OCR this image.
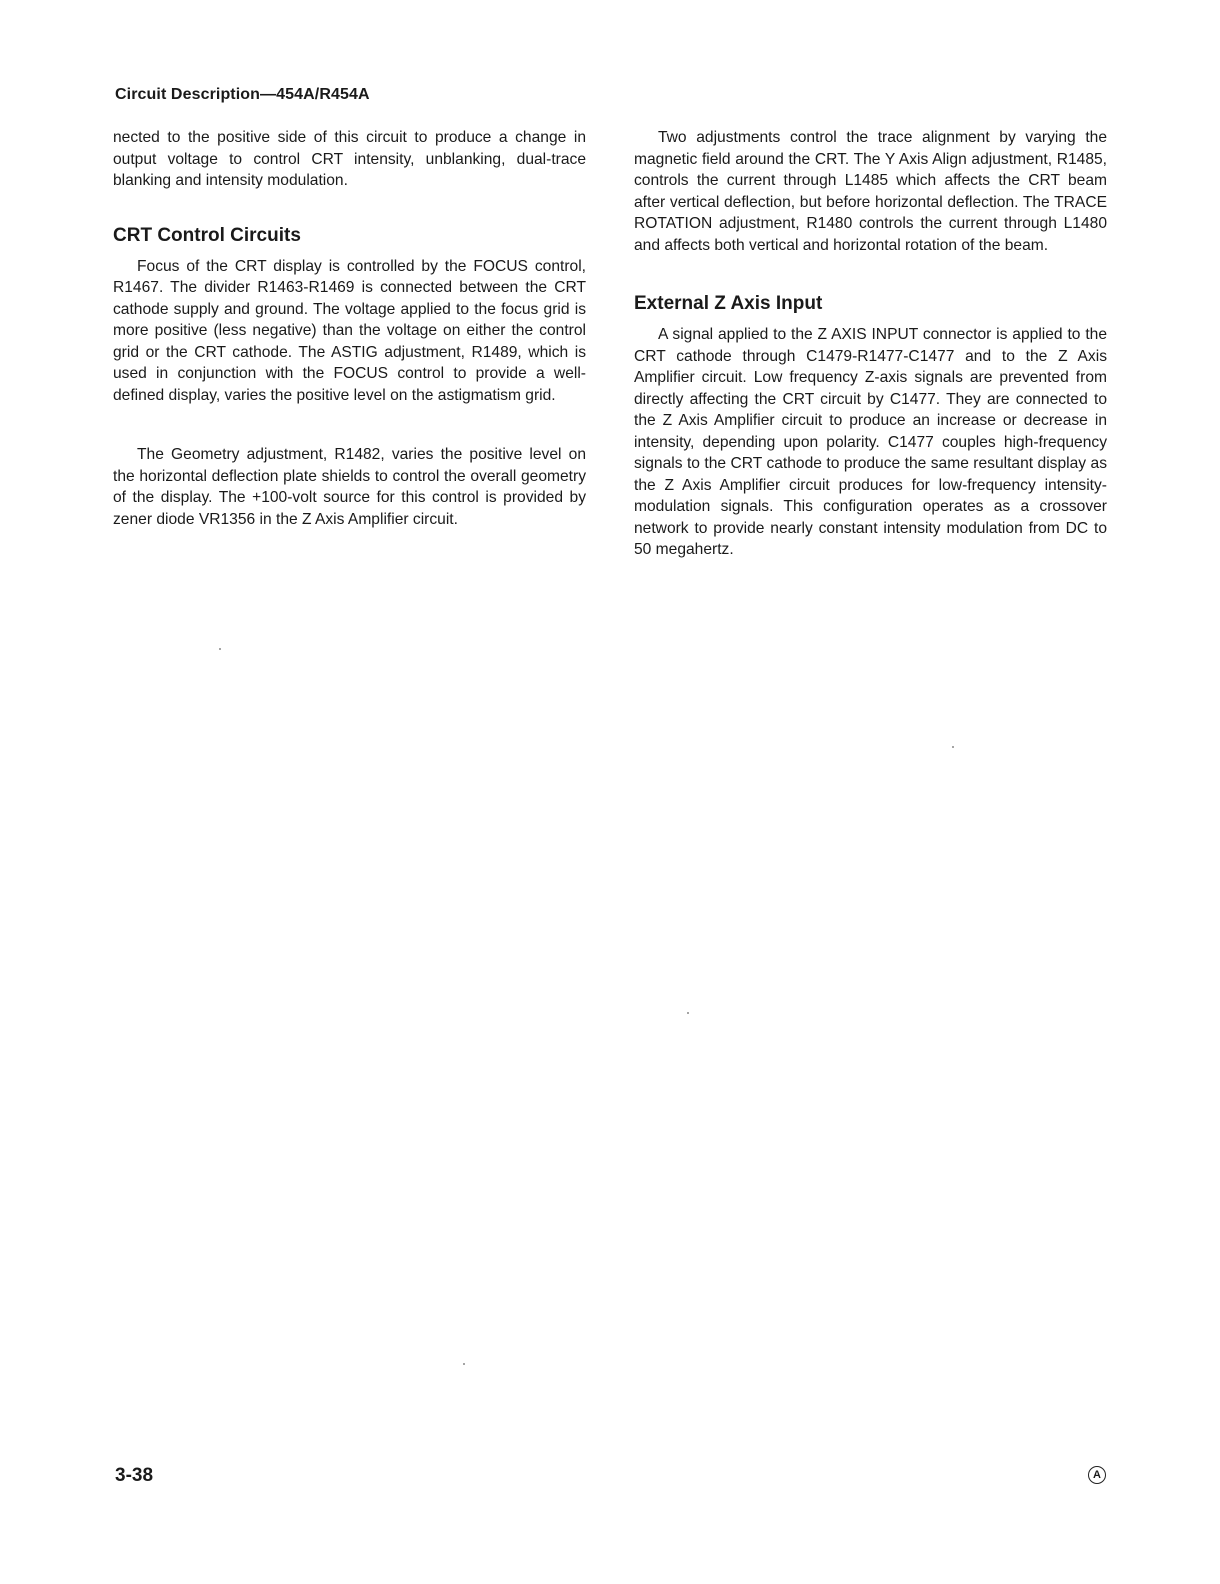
Circuit Description—454A/R454A

nected to the positive side of this circuit to produce a change in output voltage to control CRT intensity, unblanking, dual-trace blanking and intensity modulation.

CRT Control Circuits

Focus of the CRT display is controlled by the FOCUS control, R1467. The divider R1463-R1469 is connected between the CRT cathode supply and ground. The voltage applied to the focus grid is more positive (less negative) than the voltage on either the control grid or the CRT cathode. The ASTIG adjustment, R1489, which is used in conjunction with the FOCUS control to provide a well-defined display, varies the positive level on the astigmatism grid.

The Geometry adjustment, R1482, varies the positive level on the horizontal deflection plate shields to control the overall geometry of the display. The +100-volt source for this control is provided by zener diode VR1356 in the Z Axis Amplifier circuit.

Two adjustments control the trace alignment by varying the magnetic field around the CRT. The Y Axis Align adjustment, R1485, controls the current through L1485 which affects the CRT beam after vertical deflection, but before horizontal deflection. The TRACE ROTATION adjustment, R1480 controls the current through L1480 and affects both vertical and horizontal rotation of the beam.

External Z Axis Input

A signal applied to the Z AXIS INPUT connector is applied to the CRT cathode through C1479-R1477-C1477 and to the Z Axis Amplifier circuit. Low frequency Z-axis signals are prevented from directly affecting the CRT circuit by C1477. They are connected to the Z Axis Amplifier circuit to produce an increase or decrease in intensity, depending upon polarity. C1477 couples high-frequency signals to the CRT cathode to produce the same resultant display as the Z Axis Amplifier circuit produces for low-frequency intensity-modulation signals. This configuration operates as a crossover network to provide nearly constant intensity modulation from DC to 50 megahertz.

3-38	A
